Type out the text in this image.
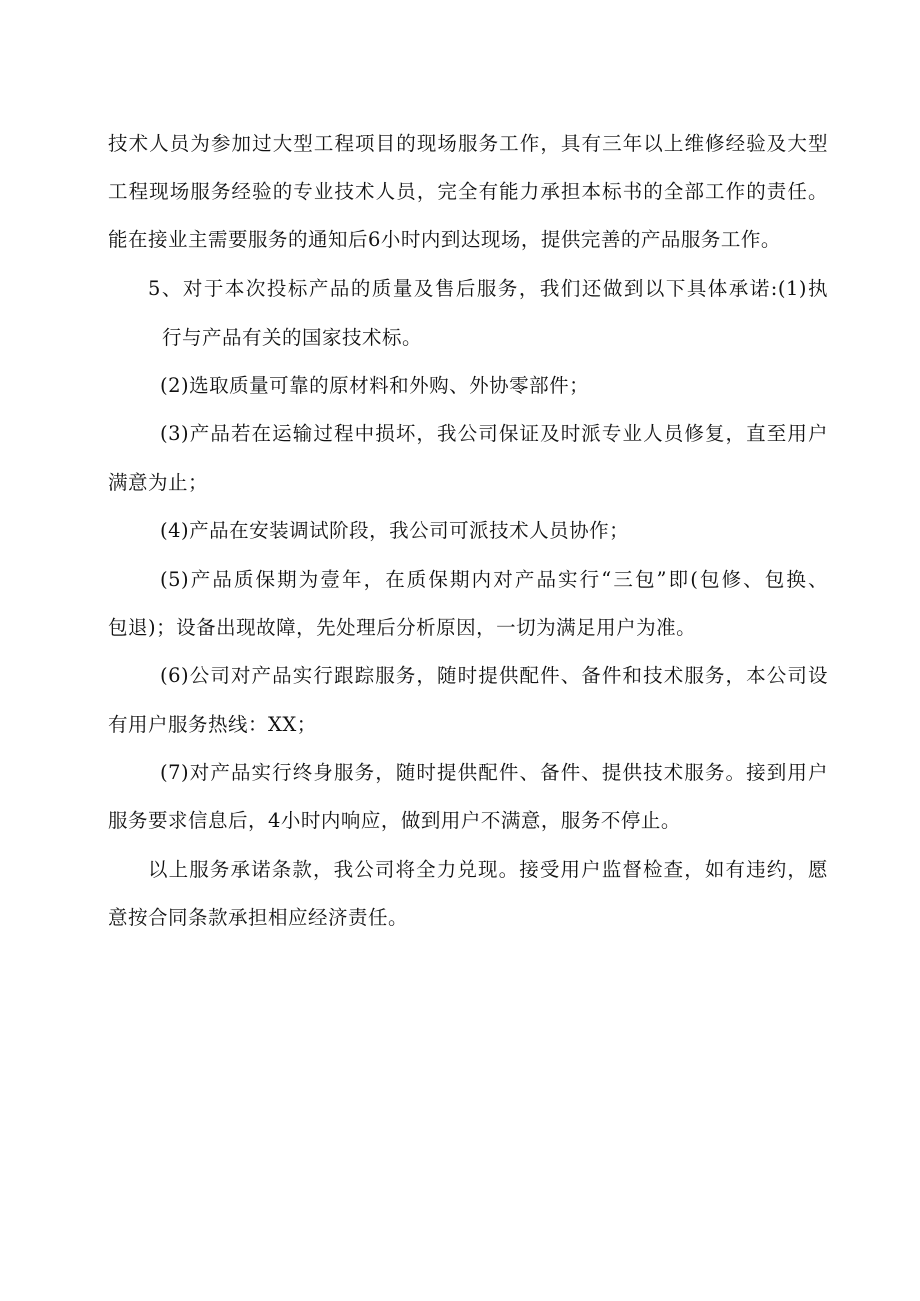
技术人员为参加过大型工程项目的现场服务工作，具有三年以上维修经验及大型
工程现场服务经验的专业技术人员，完全有能力承担本标书的全部工作的责任。
能在接业主需要服务的通知后6小时内到达现场，提供完善的产品服务工作。
5、对于本次投标产品的质量及售后服务，我们还做到以下具体承诺:(1)执
行与产品有关的国家技术标。
(2)选取质量可靠的原材料和外购、外协零部件；
(3)产品若在运输过程中损坏，我公司保证及时派专业人员修复，直至用户
满意为止；
(4)产品在安装调试阶段，我公司可派技术人员协作；
(5)产品质保期为壹年，在质保期内对产品实行“三包”即(包修、包换、
包退)；设备出现故障，先处理后分析原因，一切为满足用户为准。
(6)公司对产品实行跟踪服务，随时提供配件、备件和技术服务，本公司设
有用户服务热线：XX；
(7)对产品实行终身服务，随时提供配件、备件、提供技术服务。接到用户
服务要求信息后，4小时内响应，做到用户不满意，服务不停止。
以上服务承诺条款，我公司将全力兑现。接受用户监督检查，如有违约，愿
意按合同条款承担相应经济责任。
